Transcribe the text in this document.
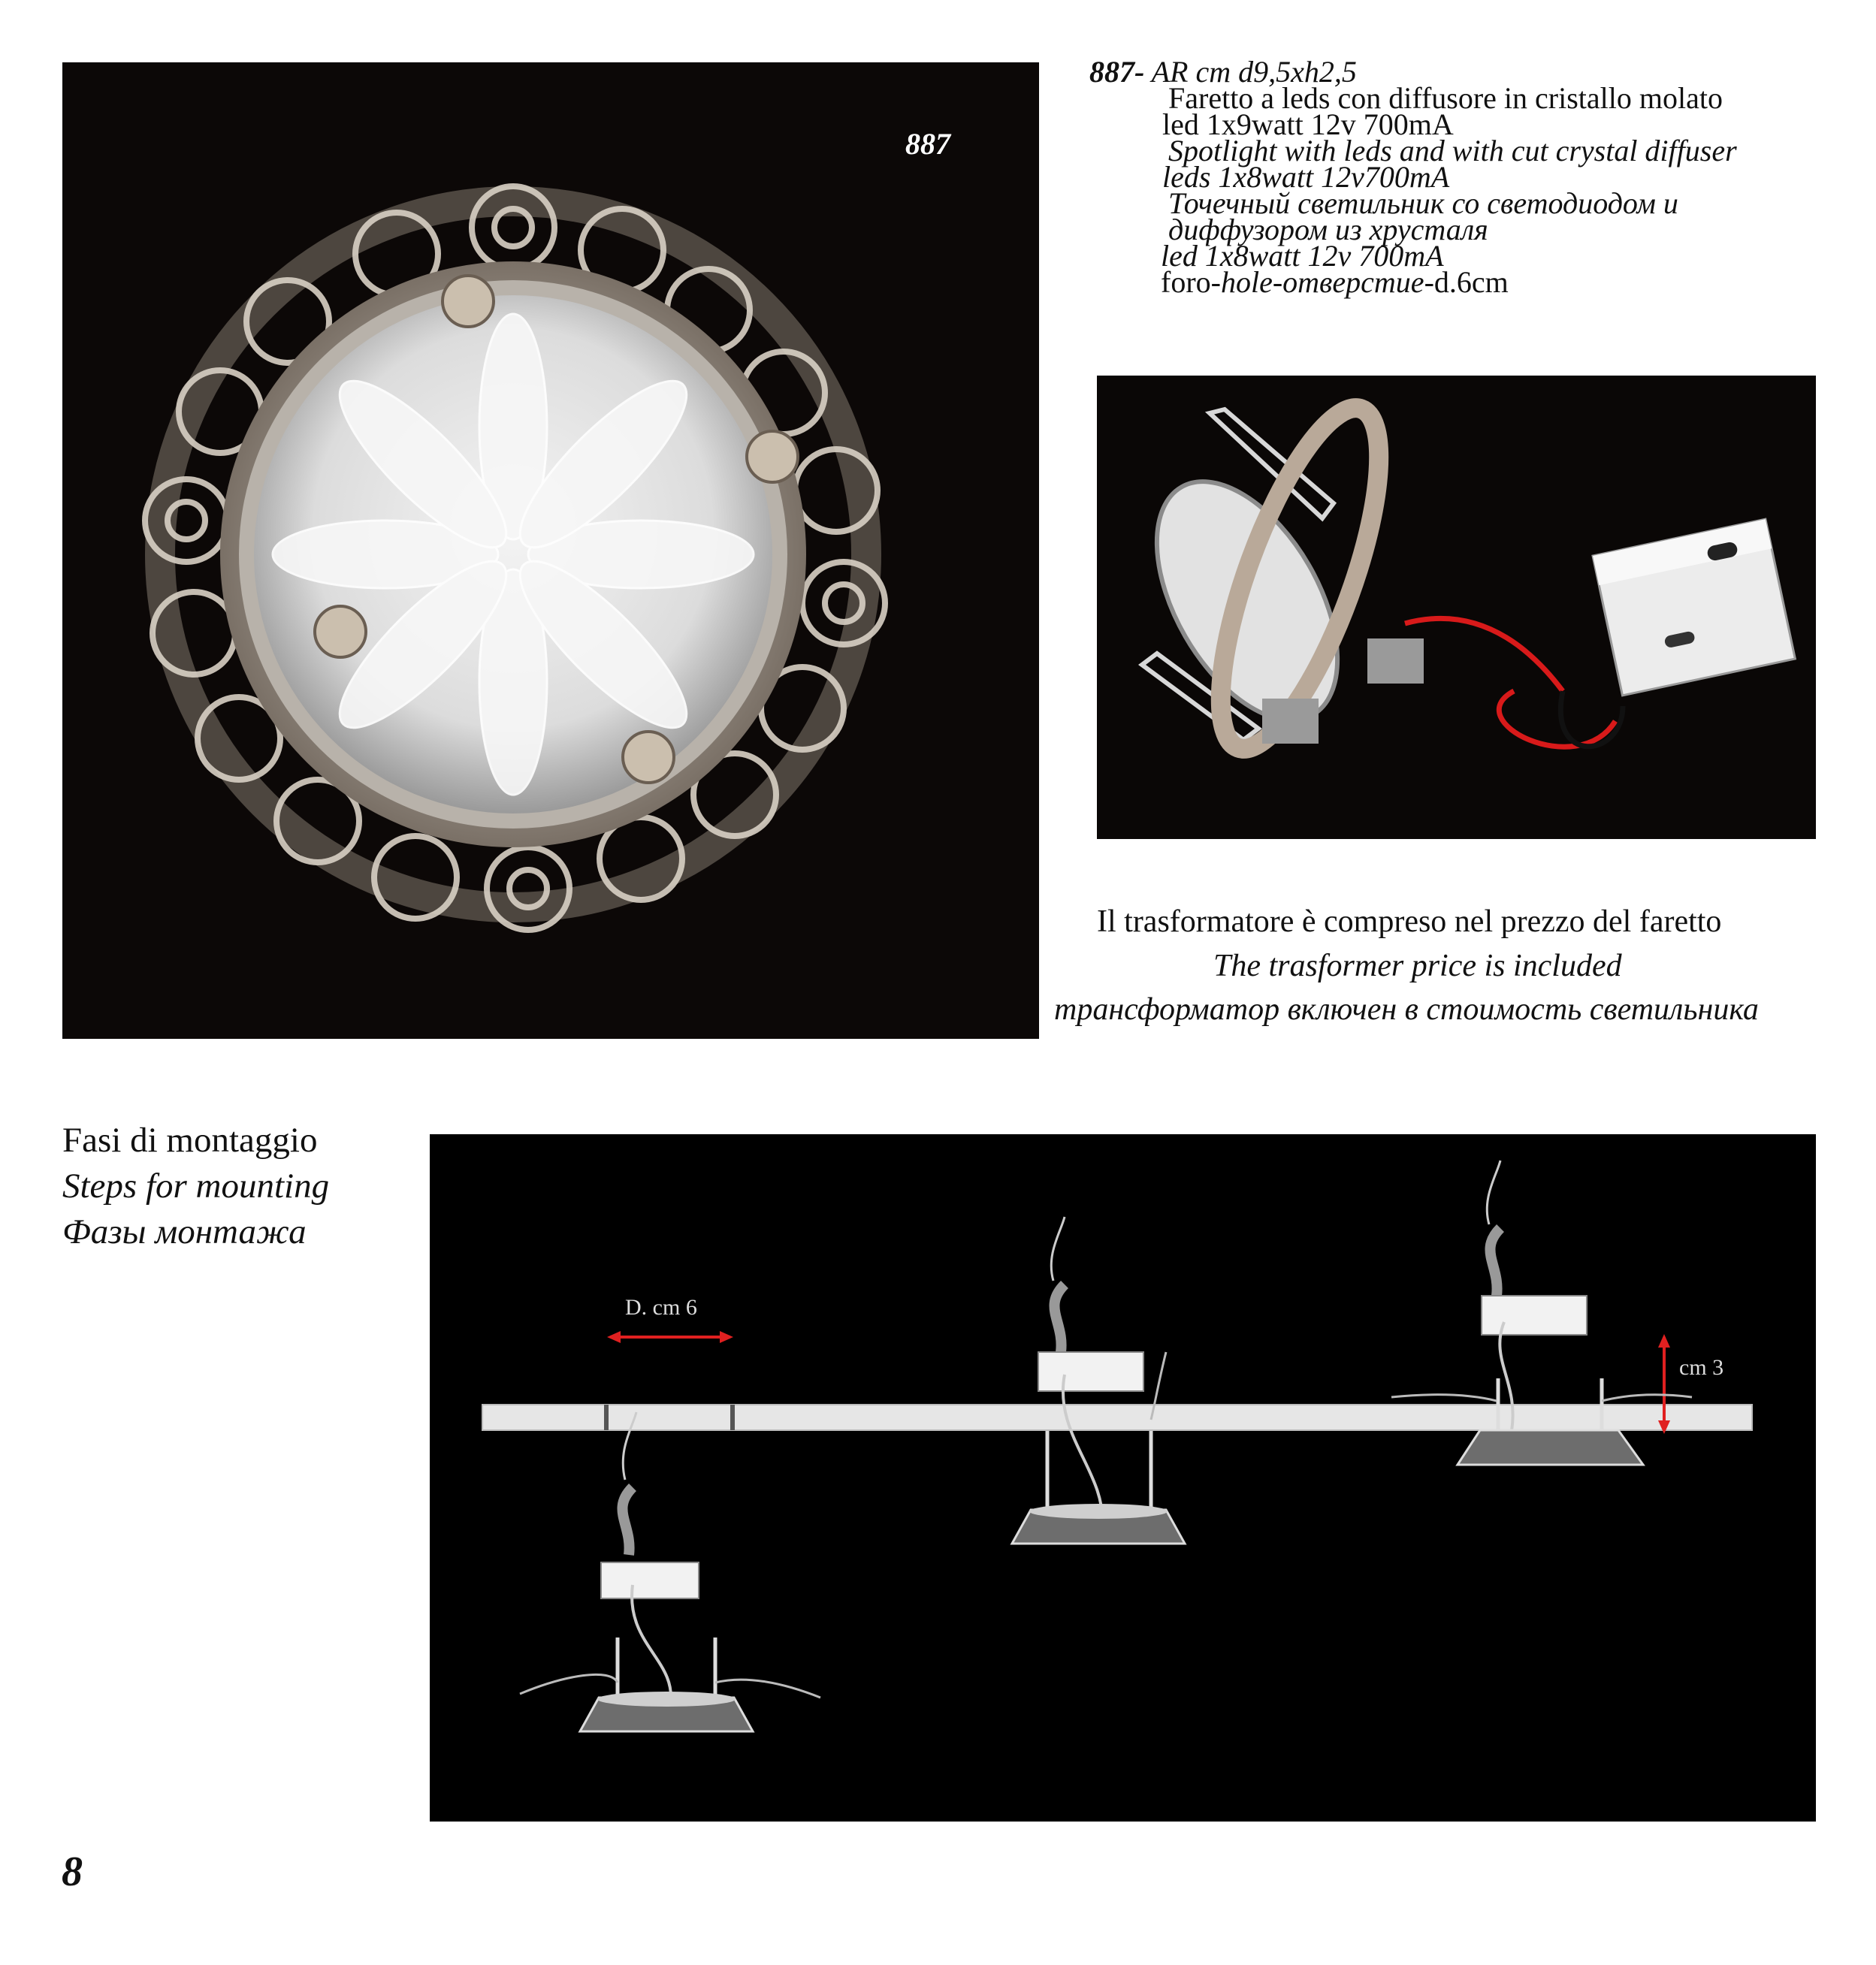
887
887- AR cm d9,5xh2,5
Faretto a leds con diffusore in cristallo molato
led 1x9watt 12v 700mA
Spotlight with leds and with cut crystal diffuser
leds 1x8watt 12v700mA
Точечный светильник со светодиодом и
диффузором из хрусталя
led 1x8watt 12v 700mA
foro-hole-отверстие-d.6cm
Il trasformatore è compreso nel prezzo del faretto
The trasformer price is included
трансформатор включен в стоимость светильника
Fasi di montaggio
Steps for mounting
Фазы монтажа
D. cm 6
cm 3
8
